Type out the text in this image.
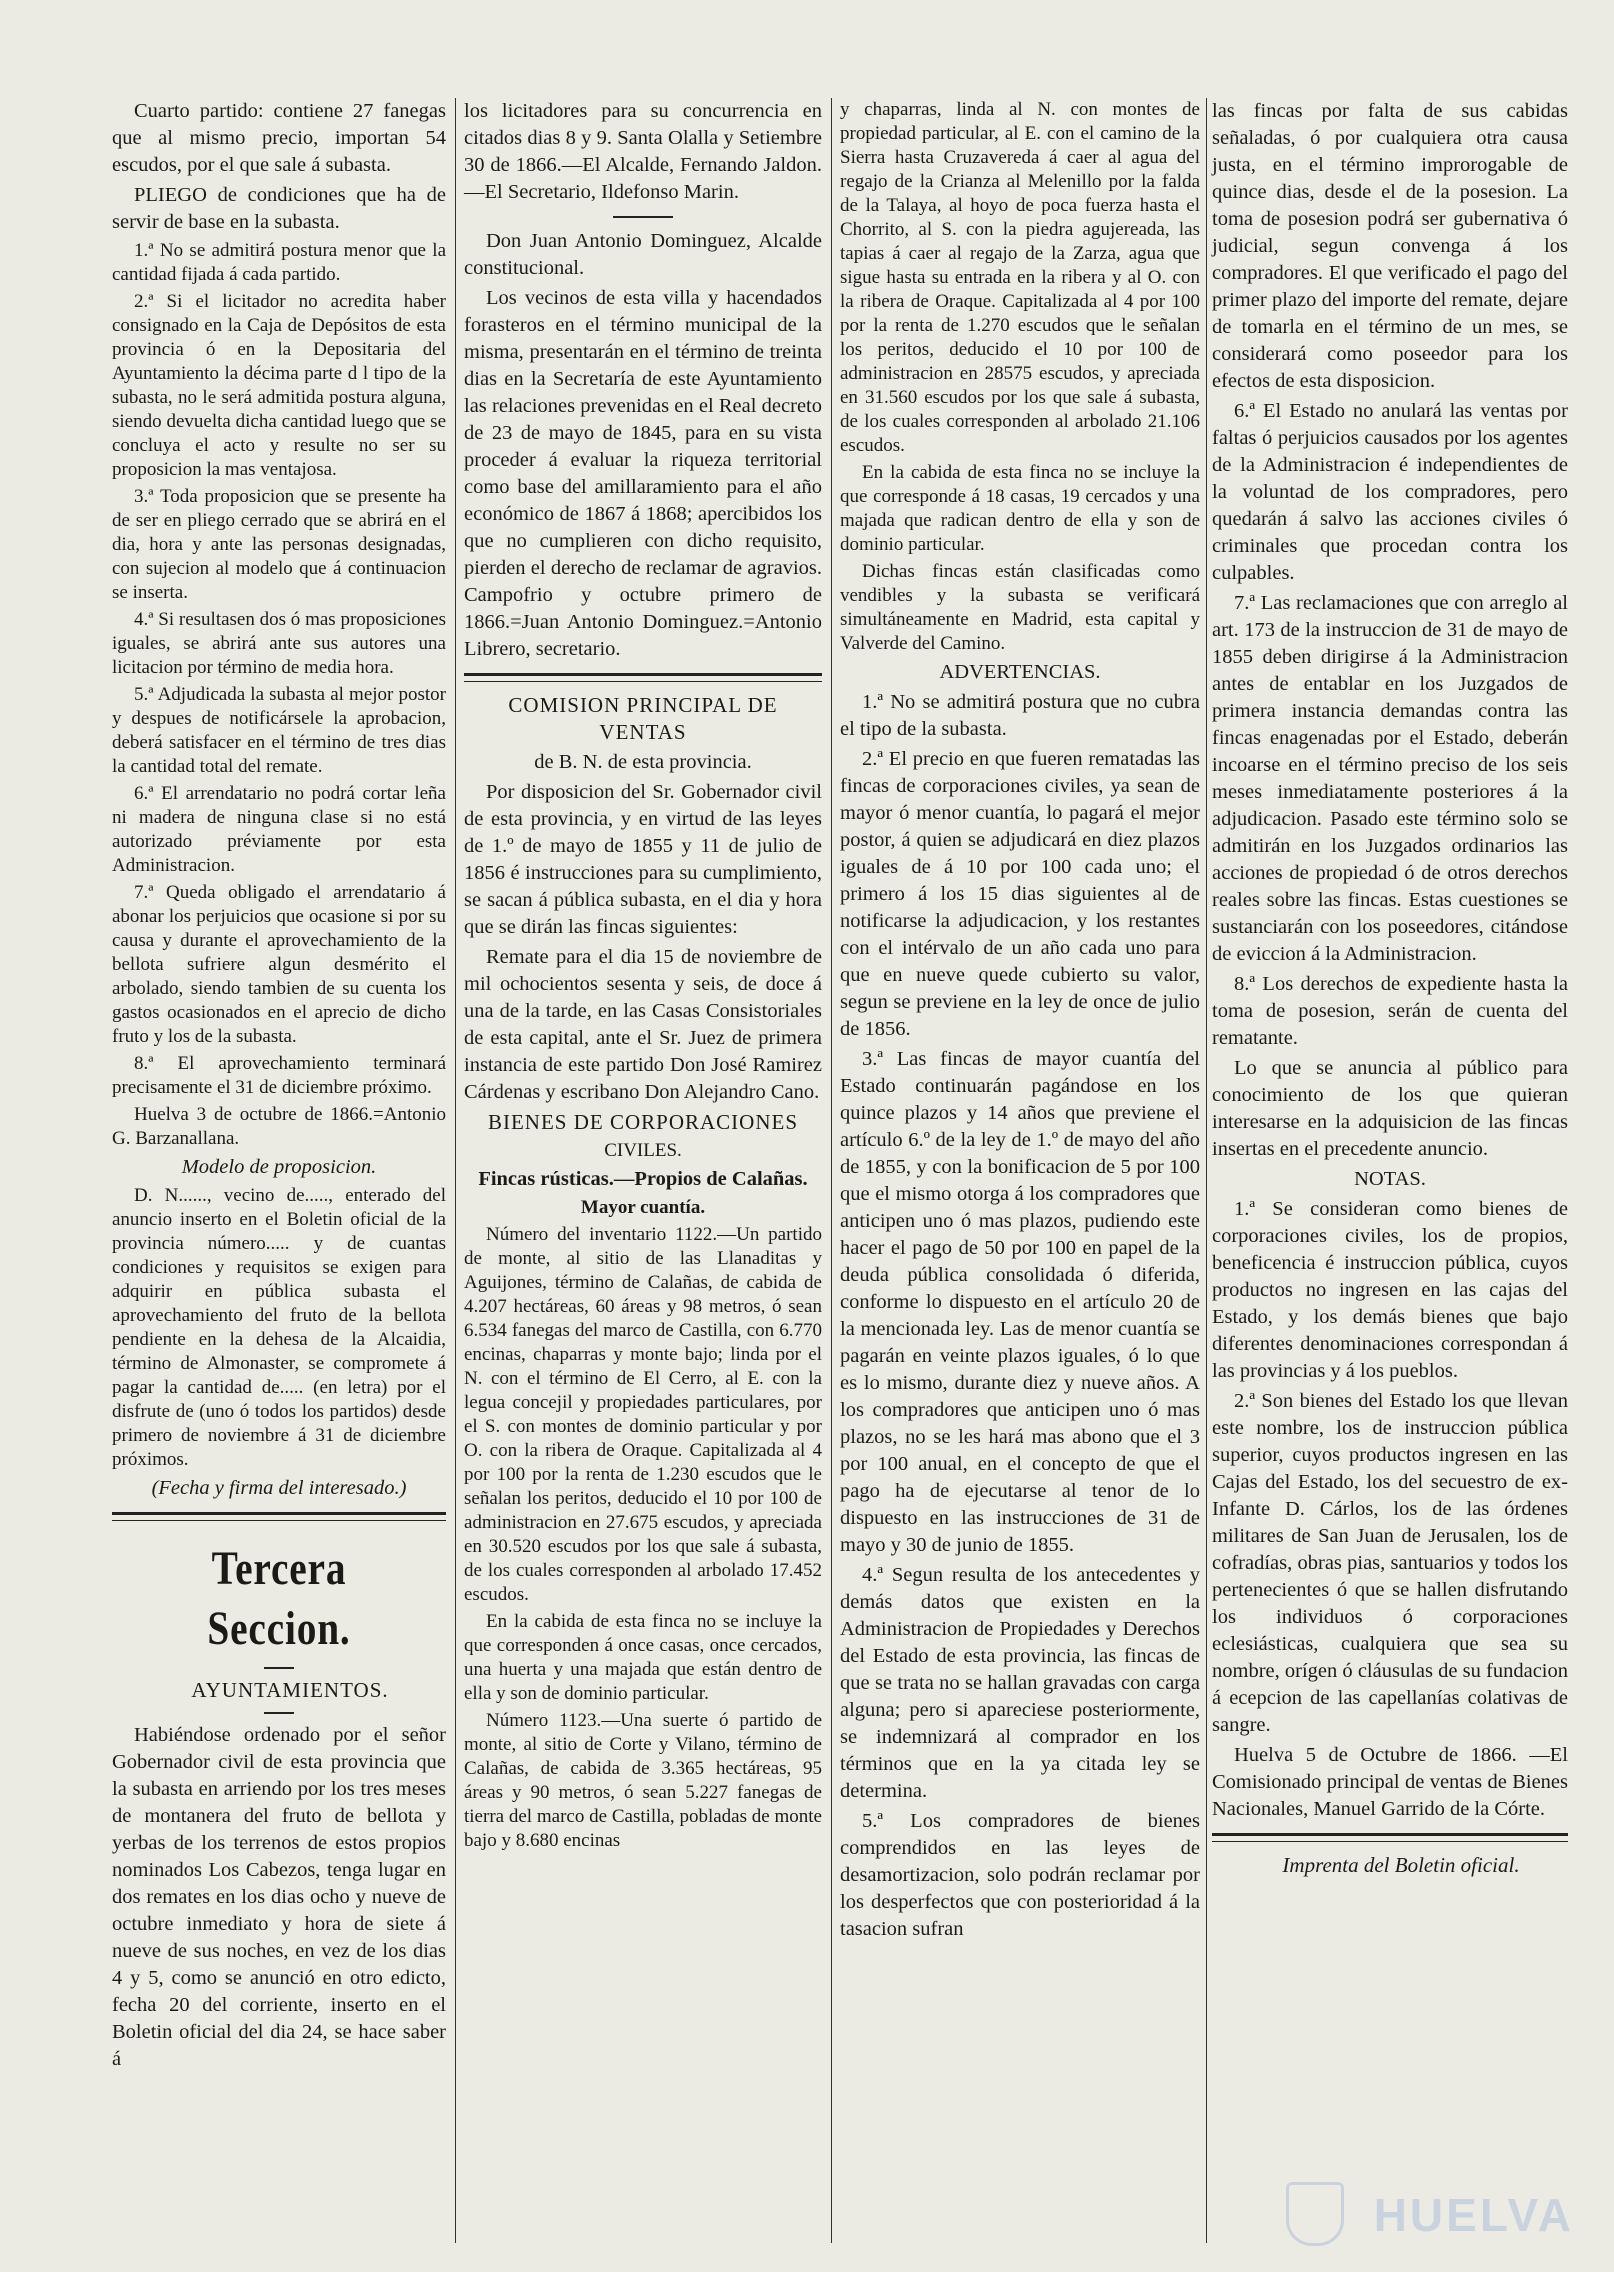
Cuarto partido: contiene 27 fanegas que al mismo precio, importan 54 escudos, por el que sale á subasta.

PLIEGO de condiciones que ha de servir de base en la subasta.

1.ª No se admitirá postura menor que la cantidad fijada á cada partido.

2.ª Si el licitador no acredita haber consignado en la Caja de Depósitos de esta provincia ó en la Depositaria del Ayuntamiento la décima parte d l tipo de la subasta, no le será admitida postura alguna, siendo devuelta dicha cantidad luego que se concluya el acto y resulte no ser su proposicion la mas ventajosa.

3.ª Toda proposicion que se presente ha de ser en pliego cerrado que se abrirá en el dia, hora y ante las personas designadas, con sujecion al modelo que á continuacion se inserta.

4.ª Si resultasen dos ó mas proposiciones iguales, se abrirá ante sus autores una licitacion por término de media hora.

5.ª Adjudicada la subasta al mejor postor y despues de notificársele la aprobacion, deberá satisfacer en el término de tres dias la cantidad total del remate.

6.ª El arrendatario no podrá cortar leña ni madera de ninguna clase si no está autorizado préviamente por esta Administracion.

7.ª Queda obligado el arrendatario á abonar los perjuicios que ocasione si por su causa y durante el aprovechamiento de la bellota sufriere algun desmérito el arbolado, siendo tambien de su cuenta los gastos ocasionados en el aprecio de dicho fruto y los de la subasta.

8.ª El aprovechamiento terminará precisamente el 31 de diciembre próximo.

Huelva 3 de octubre de 1866.=Antonio G. Barzanallana.

Modelo de proposicion.

D. N......, vecino de....., enterado del anuncio inserto en el Boletin oficial de la provincia número..... y de cuantas condiciones y requisitos se exigen para adquirir en pública subasta el aprovechamiento del fruto de la bellota pendiente en la dehesa de la Alcaidia, término de Almonaster, se compromete á pagar la cantidad de..... (en letra) por el disfrute de (uno ó todos los partidos) desde primero de noviembre á 31 de diciembre próximos.

(Fecha y firma del interesado.)

Tercera Seccion.

AYUNTAMIENTOS.

Habiéndose ordenado por el señor Gobernador civil de esta provincia que la subasta en arriendo por los tres meses de montanera del fruto de bellota y yerbas de los terrenos de estos propios nominados Los Cabezos, tenga lugar en dos remates en los dias ocho y nueve de octubre inmediato y hora de siete á nueve de sus noches, en vez de los dias 4 y 5, como se anunció en otro edicto, fecha 20 del corriente, inserto en el Boletin oficial del dia 24, se hace saber á

los licitadores para su concurrencia en citados dias 8 y 9. Santa Olalla y Setiembre 30 de 1866.—El Alcalde, Fernando Jaldon.—El Secretario, Ildefonso Marin.

Don Juan Antonio Dominguez, Alcalde constitucional.

Los vecinos de esta villa y hacendados forasteros en el término municipal de la misma, presentarán en el término de treinta dias en la Secretaría de este Ayuntamiento las relaciones prevenidas en el Real decreto de 23 de mayo de 1845, para en su vista proceder á evaluar la riqueza territorial como base del amillaramiento para el año económico de 1867 á 1868; apercibidos los que no cumplieren con dicho requisito, pierden el derecho de reclamar de agravios. Campofrio y octubre primero de 1866.=Juan Antonio Dominguez.=Antonio Librero, secretario.

COMISION PRINCIPAL DE VENTAS

de B. N. de esta provincia.

Por disposicion del Sr. Gobernador civil de esta provincia, y en virtud de las leyes de 1.º de mayo de 1855 y 11 de julio de 1856 é instrucciones para su cumplimiento, se sacan á pública subasta, en el dia y hora que se dirán las fincas siguientes:

Remate para el dia 15 de noviembre de mil ochocientos sesenta y seis, de doce á una de la tarde, en las Casas Consistoriales de esta capital, ante el Sr. Juez de primera instancia de este partido Don José Ramirez Cárdenas y escribano Don Alejandro Cano.

BIENES DE CORPORACIONES

CIVILES.

Fincas rústicas.—Propios de Calañas.

Mayor cuantía.

Número del inventario 1122.—Un partido de monte, al sitio de las Llanaditas y Aguijones, término de Calañas, de cabida de 4.207 hectáreas, 60 áreas y 98 metros, ó sean 6.534 fanegas del marco de Castilla, con 6.770 encinas, chaparras y monte bajo; linda por el N. con el término de El Cerro, al E. con la legua concejil y propiedades particulares, por el S. con montes de dominio particular y por O. con la ribera de Oraque. Capitalizada al 4 por 100 por la renta de 1.230 escudos que le señalan los peritos, deducido el 10 por 100 de administracion en 27.675 escudos, y apreciada en 30.520 escudos por los que sale á subasta, de los cuales corresponden al arbolado 17.452 escudos.

En la cabida de esta finca no se incluye la que corresponden á once casas, once cercados, una huerta y una majada que están dentro de ella y son de dominio particular.

Número 1123.—Una suerte ó partido de monte, al sitio de Corte y Vilano, término de Calañas, de cabida de 3.365 hectáreas, 95 áreas y 90 metros, ó sean 5.227 fanegas de tierra del marco de Castilla, pobladas de monte bajo y 8.680 encinas

y chaparras, linda al N. con montes de propiedad particular, al E. con el camino de la Sierra hasta Cruzavereda á caer al agua del regajo de la Crianza al Melenillo por la falda de la Talaya, al hoyo de poca fuerza hasta el Chorrito, al S. con la piedra agujereada, las tapias á caer al regajo de la Zarza, agua que sigue hasta su entrada en la ribera y al O. con la ribera de Oraque. Capitalizada al 4 por 100 por la renta de 1.270 escudos que le señalan los peritos, deducido el 10 por 100 de administracion en 28575 escudos, y apreciada en 31.560 escudos por los que sale á subasta, de los cuales corresponden al arbolado 21.106 escudos.

En la cabida de esta finca no se incluye la que corresponde á 18 casas, 19 cercados y una majada que radican dentro de ella y son de dominio particular.

Dichas fincas están clasificadas como vendibles y la subasta se verificará simultáneamente en Madrid, esta capital y Valverde del Camino.

ADVERTENCIAS.

1.ª No se admitirá postura que no cubra el tipo de la subasta.

2.ª El precio en que fueren rematadas las fincas de corporaciones civiles, ya sean de mayor ó menor cuantía, lo pagará el mejor postor, á quien se adjudicará en diez plazos iguales de á 10 por 100 cada uno; el primero á los 15 dias siguientes al de notificarse la adjudicacion, y los restantes con el intérvalo de un año cada uno para que en nueve quede cubierto su valor, segun se previene en la ley de once de julio de 1856.

3.ª Las fincas de mayor cuantía del Estado continuarán pagándose en los quince plazos y 14 años que previene el artículo 6.º de la ley de 1.º de mayo del año de 1855, y con la bonificacion de 5 por 100 que el mismo otorga á los compradores que anticipen uno ó mas plazos, pudiendo este hacer el pago de 50 por 100 en papel de la deuda pública consolidada ó diferida, conforme lo dispuesto en el artículo 20 de la mencionada ley. Las de menor cuantía se pagarán en veinte plazos iguales, ó lo que es lo mismo, durante diez y nueve años. A los compradores que anticipen uno ó mas plazos, no se les hará mas abono que el 3 por 100 anual, en el concepto de que el pago ha de ejecutarse al tenor de lo dispuesto en las instrucciones de 31 de mayo y 30 de junio de 1855.

4.ª Segun resulta de los antecedentes y demás datos que existen en la Administracion de Propiedades y Derechos del Estado de esta provincia, las fincas de que se trata no se hallan gravadas con carga alguna; pero si apareciese posteriormente, se indemnizará al comprador en los términos que en la ya citada ley se determina.

5.ª Los compradores de bienes comprendidos en las leyes de desamortizacion, solo podrán reclamar por los desperfectos que con posterioridad á la tasacion sufran

las fincas por falta de sus cabidas señaladas, ó por cualquiera otra causa justa, en el término improrogable de quince dias, desde el de la posesion. La toma de posesion podrá ser gubernativa ó judicial, segun convenga á los compradores. El que verificado el pago del primer plazo del importe del remate, dejare de tomarla en el término de un mes, se considerará como poseedor para los efectos de esta disposicion.

6.ª El Estado no anulará las ventas por faltas ó perjuicios causados por los agentes de la Administracion é independientes de la voluntad de los compradores, pero quedarán á salvo las acciones civiles ó criminales que procedan contra los culpables.

7.ª Las reclamaciones que con arreglo al art. 173 de la instruccion de 31 de mayo de 1855 deben dirigirse á la Administracion antes de entablar en los Juzgados de primera instancia demandas contra las fincas enagenadas por el Estado, deberán incoarse en el término preciso de los seis meses inmediatamente posteriores á la adjudicacion. Pasado este término solo se admitirán en los Juzgados ordinarios las acciones de propiedad ó de otros derechos reales sobre las fincas. Estas cuestiones se sustanciarán con los poseedores, citándose de eviccion á la Administracion.

8.ª Los derechos de expediente hasta la toma de posesion, serán de cuenta del rematante.

Lo que se anuncia al público para conocimiento de los que quieran interesarse en la adquisicion de las fincas insertas en el precedente anuncio.

NOTAS.

1.ª Se consideran como bienes de corporaciones civiles, los de propios, beneficencia é instruccion pública, cuyos productos no ingresen en las cajas del Estado, y los demás bienes que bajo diferentes denominaciones correspondan á las provincias y á los pueblos.

2.ª Son bienes del Estado los que llevan este nombre, los de instruccion pública superior, cuyos productos ingresen en las Cajas del Estado, los del secuestro de ex-Infante D. Cárlos, los de las órdenes militares de San Juan de Jerusalen, los de cofradías, obras pias, santuarios y todos los pertenecientes ó que se hallen disfrutando los individuos ó corporaciones eclesiásticas, cualquiera que sea su nombre, orígen ó cláusulas de su fundacion á ecepcion de las capellanías colativas de sangre.

Huelva 5 de Octubre de 1866. —El Comisionado principal de ventas de Bienes Nacionales, Manuel Garrido de la Córte.

Imprenta del Boletin oficial.

HUELVA
